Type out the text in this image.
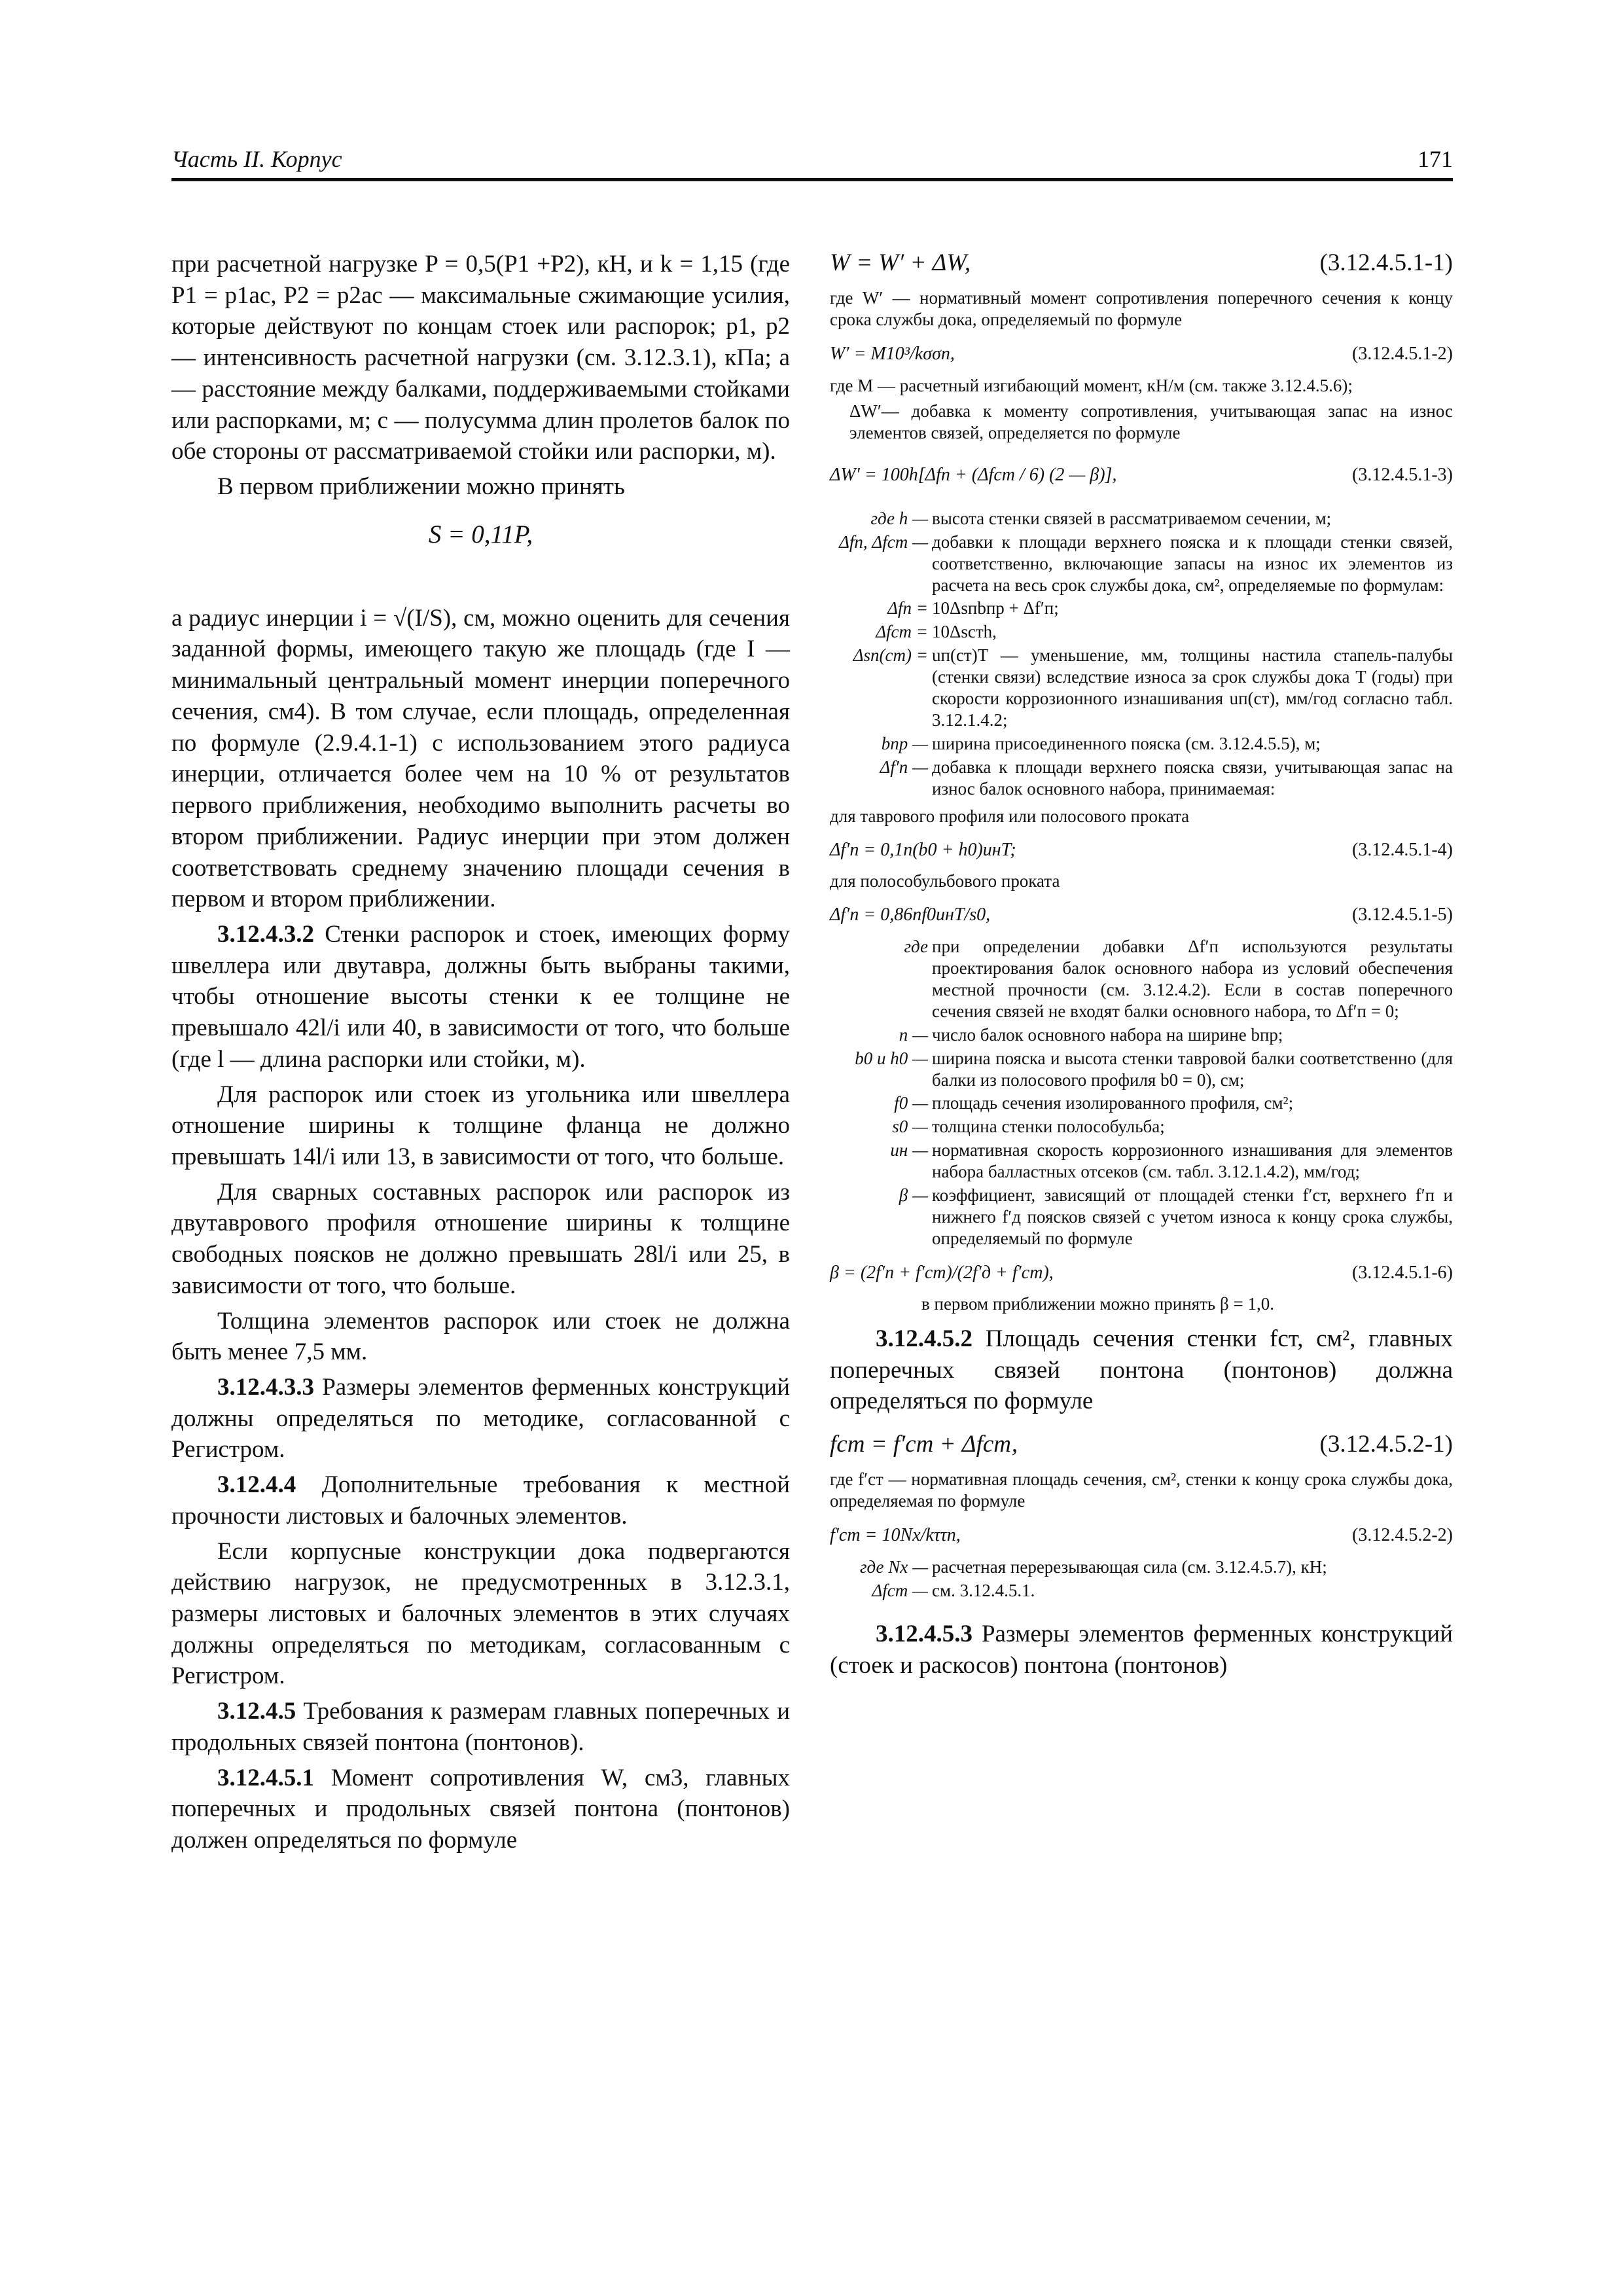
Часть II. Корпус	171

при расчетной нагрузке P = 0,5(P1 +P2), кН, и k = 1,15 (где P1 = p1ac, P2 = p2ac — максимальные сжимающие усилия, которые действуют по концам стоек или распорок; p1, p2 — интенсивность расчетной нагрузки (см. 3.12.3.1), кПа; a — расстояние между балками, поддерживаемыми стойками или распорками, м; c — полусумма длин пролетов балок по обе стороны от рассматриваемой стойки или распорки, м).

В первом приближении можно принять

S = 0,11P,

а радиус инерции i = √(I/S), см, можно оценить для сечения заданной формы, имеющего такую же площадь (где I — минимальный центральный момент инерции поперечного сечения, см4). В том случае, если площадь, определенная по формуле (2.9.4.1-1) с использованием этого радиуса инерции, отличается более чем на 10 % от результатов первого приближения, необходимо выполнить расчеты во втором приближении. Радиус инерции при этом должен соответствовать среднему значению площади сечения в первом и втором приближении.

3.12.4.3.2 Стенки распорок и стоек, имеющих форму швеллера или двутавра, должны быть выбраны такими, чтобы отношение высоты стенки к ее толщине не превышало 42l/i или 40, в зависимости от того, что больше (где l — длина распорки или стойки, м).

Для распорок или стоек из угольника или швеллера отношение ширины к толщине фланца не должно превышать 14l/i или 13, в зависимости от того, что больше.

Для сварных составных распорок или распорок из двутаврового профиля отношение ширины к толщине свободных поясков не должно превышать 28l/i или 25, в зависимости от того, что больше.

Толщина элементов распорок или стоек не должна быть менее 7,5 мм.

3.12.4.3.3 Размеры элементов ферменных конструкций должны определяться по методике, согласованной с Регистром.

3.12.4.4 Дополнительные требования к местной прочности листовых и балочных элементов.

Если корпусные конструкции дока подвергаются действию нагрузок, не предусмотренных в 3.12.3.1, размеры листовых и балочных элементов в этих случаях должны определяться по методикам, согласованным с Регистром.

3.12.4.5 Требования к размерам главных поперечных и продольных связей понтона (понтонов).

3.12.4.5.1 Момент сопротивления W, см3, главных поперечных и продольных связей понтона (понтонов) должен определяться по формуле

W = W′ + ΔW,	(3.12.4.5.1-1)

где W′ — нормативный момент сопротивления поперечного сечения к концу срока службы дока, определяемый по формуле

W′ = M10³/kσσn,	(3.12.4.5.1-2)

где M — расчетный изгибающий момент, кН/м (см. также 3.12.4.5.6);

ΔW′— добавка к моменту сопротивления, учитывающая запас на износ элементов связей, определяется по формуле

ΔW′ = 100h[Δfп + (Δfст / 6) (2 — β)],	(3.12.4.5.1-3)
где h — высота стенки связей в рассматриваемом сечении, м;
Δfп, Δfст — добавки к площади верхнего пояска и к площади стенки связей, соответственно, включающие запасы на износ их элементов из расчета на весь срок службы дока, см², определяемые по формулам:
Δfп = 10Δsпbпр + Δf′п;
Δfст = 10Δsстh,
Δsп(ст) = uп(ст)T — уменьшение, мм, толщины настила стапель-палубы (стенки связи) вследствие износа за срок службы дока T (годы) при скорости коррозионного изнашивания uп(ст), мм/год согласно табл. 3.12.1.4.2;
bпр — ширина присоединенного пояска (см. 3.12.4.5.5), м;
Δf′п — добавка к площади верхнего пояска связи, учитывающая запас на износ балок основного набора, принимаемая:

для таврового профиля или полосового проката

Δf′п = 0,1n(b0 + h0)uнT;	(3.12.4.5.1-4)

для полособульбового проката

Δf′п = 0,86nf0uнT/s0,	(3.12.4.5.1-5)
где при определении добавки Δf′п используются результаты проектирования балок основного набора из условий обеспечения местной прочности (см. 3.12.4.2). Если в состав поперечного сечения связей не входят балки основного набора, то Δf′п = 0;
n — число балок основного набора на ширине bпр;
b0 и h0 — ширина пояска и высота стенки тавровой балки соответственно (для балки из полосового профиля b0 = 0), см;
f0 — площадь сечения изолированного профиля, см²;
s0 — толщина стенки полособульба;
uн — нормативная скорость коррозионного изнашивания для элементов набора балластных отсеков (см. табл. 3.12.1.4.2), мм/год;
β — коэффициент, зависящий от площадей стенки f′ст, верхнего f′п и нижнего f′д поясков связей с учетом износа к концу срока службы, определяемый по формуле
β = (2f′п + f′ст)/(2f′д + f′ст),	(3.12.4.5.1-6)

в первом приближении можно принять β = 1,0.

3.12.4.5.2 Площадь сечения стенки fст, см², главных поперечных связей понтона (понтонов) должна определяться по формуле

fст = f′ст + Δfст,	(3.12.4.5.2-1)

где f′ст — нормативная площадь сечения, см², стенки к концу срока службы дока, определяемая по формуле

f′ст = 10Nx/kττn,	(3.12.4.5.2-2)
где Nx — расчетная перерезывающая сила (см. 3.12.4.5.7), кН;
Δfст — см. 3.12.4.5.1.

3.12.4.5.3 Размеры элементов ферменных конструкций (стоек и раскосов) понтона (понтонов)
